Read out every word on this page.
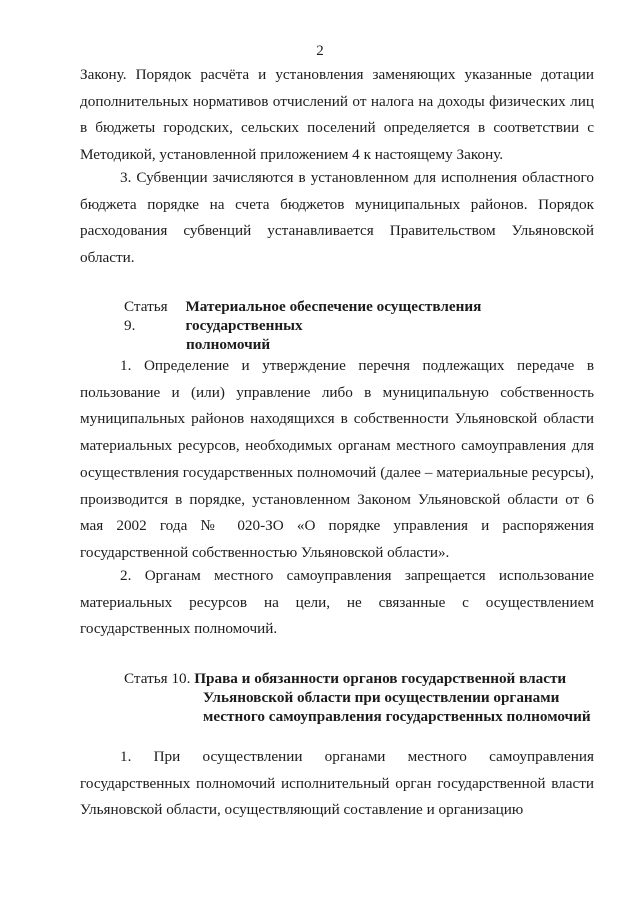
2

Закону. Порядок расчёта и установления заменяющих указанные дотации дополнительных нормативов отчислений от налога на доходы физических лиц в бюджеты городских, сельских поселений определяется в соответствии с Методикой, установленной приложением 4 к настоящему Закону.

3. Субвенции зачисляются в установленном для исполнения областного бюджета порядке на счета бюджетов муниципальных районов. Порядок расходования субвенций устанавливается Правительством Ульяновской области.

Статья 9.

Материальное обеспечение осуществления государственных
полномочий

1. Определение и утверждение перечня подлежащих передаче в пользование и (или) управление либо в муниципальную собственность муниципальных районов находящихся в собственности Ульяновской области материальных ресурсов, необходимых органам местного самоуправления для осуществления государственных полномочий (далее – материальные ресурсы), производится в порядке, установленном Законом Ульяновской области от 6 мая 2002 года № 020-ЗО «О порядке управления и распоряжения государственной собственностью Ульяновской области».

2. Органам местного самоуправления запрещается использование материальных ресурсов на цели, не связанные с осуществлением государственных полномочий.

Статья 10.
Права и обязанности органов государственной власти
Ульяновской области при осуществлении органами
местного самоуправления государственных полномочий

1. При осуществлении органами местного самоуправления государственных полномочий исполнительный орган государственной власти Ульяновской области, осуществляющий составление и организацию
